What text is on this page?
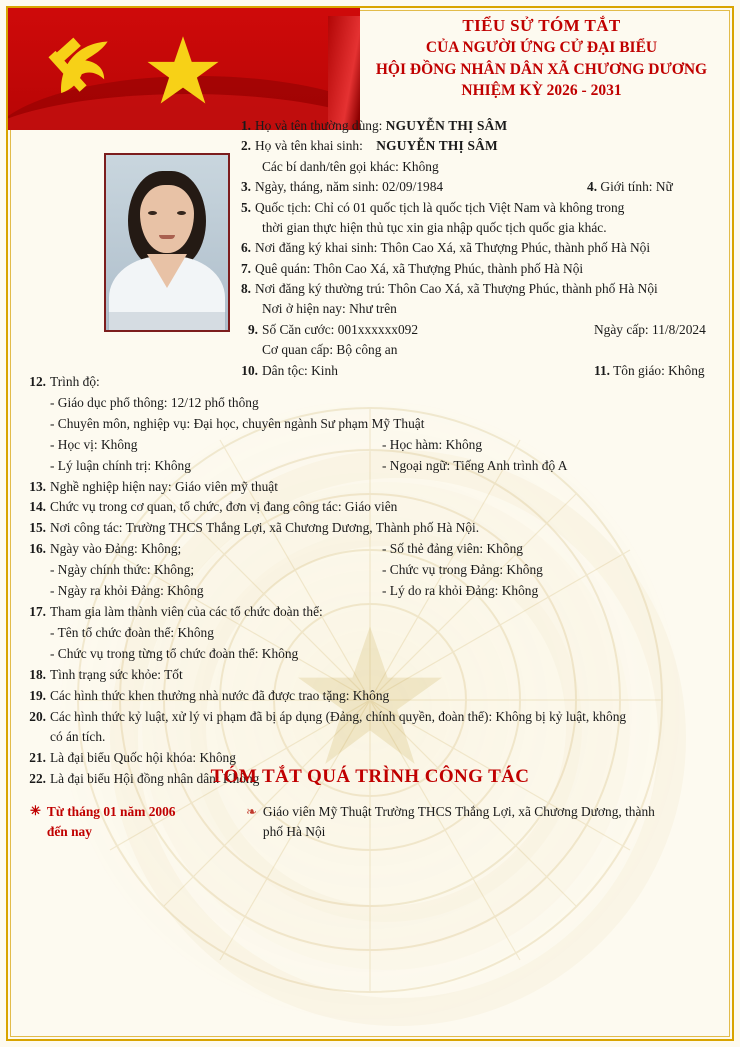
TIỂU SỬ TÓM TẮT
CỦA NGƯỜI ỨNG CỬ ĐẠI BIỂU
HỘI ĐỒNG NHÂN DÂN XÃ CHƯƠNG DƯƠNG
NHIỆM KỲ 2026 - 2031
1. Họ và tên thường dùng: NGUYỄN THỊ SÂM
2. Họ và tên khai sinh: NGUYỄN THỊ SÂM
Các bí danh/tên gọi khác: Không
3. Ngày, tháng, năm sinh: 02/09/1984	4. Giới tính: Nữ
5. Quốc tịch: Chỉ có 01 quốc tịch là quốc tịch Việt Nam và không trong
thời gian thực hiện thủ tục xin gia nhập quốc tịch quốc gia khác.
6. Nơi đăng ký khai sinh: Thôn Cao Xá, xã Thượng Phúc, thành phố Hà Nội
7. Quê quán: Thôn Cao Xá, xã Thượng Phúc, thành phố Hà Nội
8. Nơi đăng ký thường trú: Thôn Cao Xá, xã Thượng Phúc, thành phố Hà Nội
Nơi ở hiện nay: Như trên
9. Số Căn cước: 001xxxxxx092	Ngày cấp: 11/8/2024
Cơ quan cấp: Bộ công an
10. Dân tộc: Kinh	11. Tôn giáo: Không
12. Trình độ:
- Giáo dục phổ thông: 12/12 phổ thông
- Chuyên môn, nghiệp vụ: Đại học, chuyên ngành Sư phạm Mỹ Thuật
- Học vị: Không	- Học hàm: Không
- Lý luận chính trị: Không	- Ngoại ngữ: Tiếng Anh trình độ A
13. Nghề nghiệp hiện nay: Giáo viên mỹ thuật
14. Chức vụ trong cơ quan, tổ chức, đơn vị đang công tác: Giáo viên
15. Nơi công tác: Trường THCS Thắng Lợi, xã Chương Dương, Thành phố Hà Nội.
16. Ngày vào Đảng: Không;	- Số thẻ đảng viên: Không
- Ngày chính thức: Không;	- Chức vụ trong Đảng: Không
- Ngày ra khỏi Đảng: Không	- Lý do ra khỏi Đảng: Không
17. Tham gia làm thành viên của các tổ chức đoàn thể:
- Tên tổ chức đoàn thể: Không
- Chức vụ trong từng tổ chức đoàn thể: Không
18. Tình trạng sức khỏe: Tốt
19. Các hình thức khen thưởng nhà nước đã được trao tặng: Không
20. Các hình thức kỷ luật, xử lý vi phạm đã bị áp dụng (Đảng, chính quyền, đoàn thể): Không bị kỷ luật, không
có án tích.
21. Là đại biểu Quốc hội khóa: Không
22. Là đại biểu Hội đồng nhân dân: Không
TÓM TẮT QUÁ TRÌNH CÔNG TÁC
✳ Từ tháng 01 năm 2006
đến nay
❧ Giáo viên Mỹ Thuật Trường THCS Thắng Lợi, xã Chương Dương, thành
phố Hà Nội
